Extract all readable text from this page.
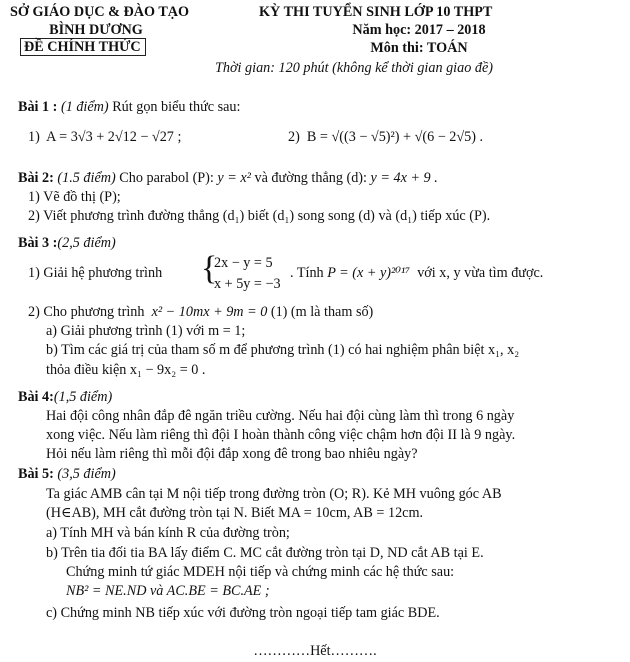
SỞ GIÁO DỤC & ĐÀO TẠO
BÌNH DƯƠNG
ĐỀ CHÍNH THỨC
KỲ THI TUYỂN SINH LỚP 10 THPT
Năm học: 2017 – 2018
Môn thi: TOÁN
Thời gian: 120 phút (không kể thời gian giao đề)
Bài 1 : (1 điểm) Rút gọn biểu thức sau:
1) A = 3√3 + 2√12 − √27 ;	2) B = √((3 − √5)²) + √(6 − 2√5) .
Bài 2: (1.5 điểm) Cho parabol (P): y = x² và đường thẳng (d): y = 4x + 9 .
1) Vẽ đồ thị (P);
2) Viết phương trình đường thẳng (d₁) biết (d₁) song song (d) và (d₁) tiếp xúc (P).
Bài 3 :(2,5 điểm)
1) Giải hệ phương trình {
2x − y = 5
x + 5y = −3
. Tính P = (x + y)²⁰¹⁷ với x, y vừa tìm được.
2) Cho phương trình x² − 10mx + 9m = 0 (1) (m là tham số)
a) Giải phương trình (1) với m = 1;
b) Tìm các giá trị của tham số m để phương trình (1) có hai nghiệm phân biệt x₁, x₂
thỏa điều kiện x₁ − 9x₂ = 0 .
Bài 4:(1,5 điểm)
Hai đội công nhân đắp đê ngăn triều cường. Nếu hai đội cùng làm thì trong 6 ngày
xong việc. Nếu làm riêng thì đội I hoàn thành công việc chậm hơn đội II là 9 ngày.
Hỏi nếu làm riêng thì mỗi đội đắp xong đê trong bao nhiêu ngày?
Bài 5: (3,5 điểm)
Ta giác AMB cân tại M nội tiếp trong đường tròn (O; R). Kẻ MH vuông góc AB
(H∈AB), MH cắt đường tròn tại N. Biết MA = 10cm, AB = 12cm.
a) Tính MH và bán kính R của đường tròn;
b) Trên tia đối tia BA lấy điểm C. MC cắt đường tròn tại D, ND cắt AB tại E.
Chứng minh tứ giác MDEH nội tiếp và chứng minh các hệ thức sau:
NB² = NE.ND và AC.BE = BC.AE ;
c) Chứng minh NB tiếp xúc với đường tròn ngoại tiếp tam giác BDE.
…………Hết……….
